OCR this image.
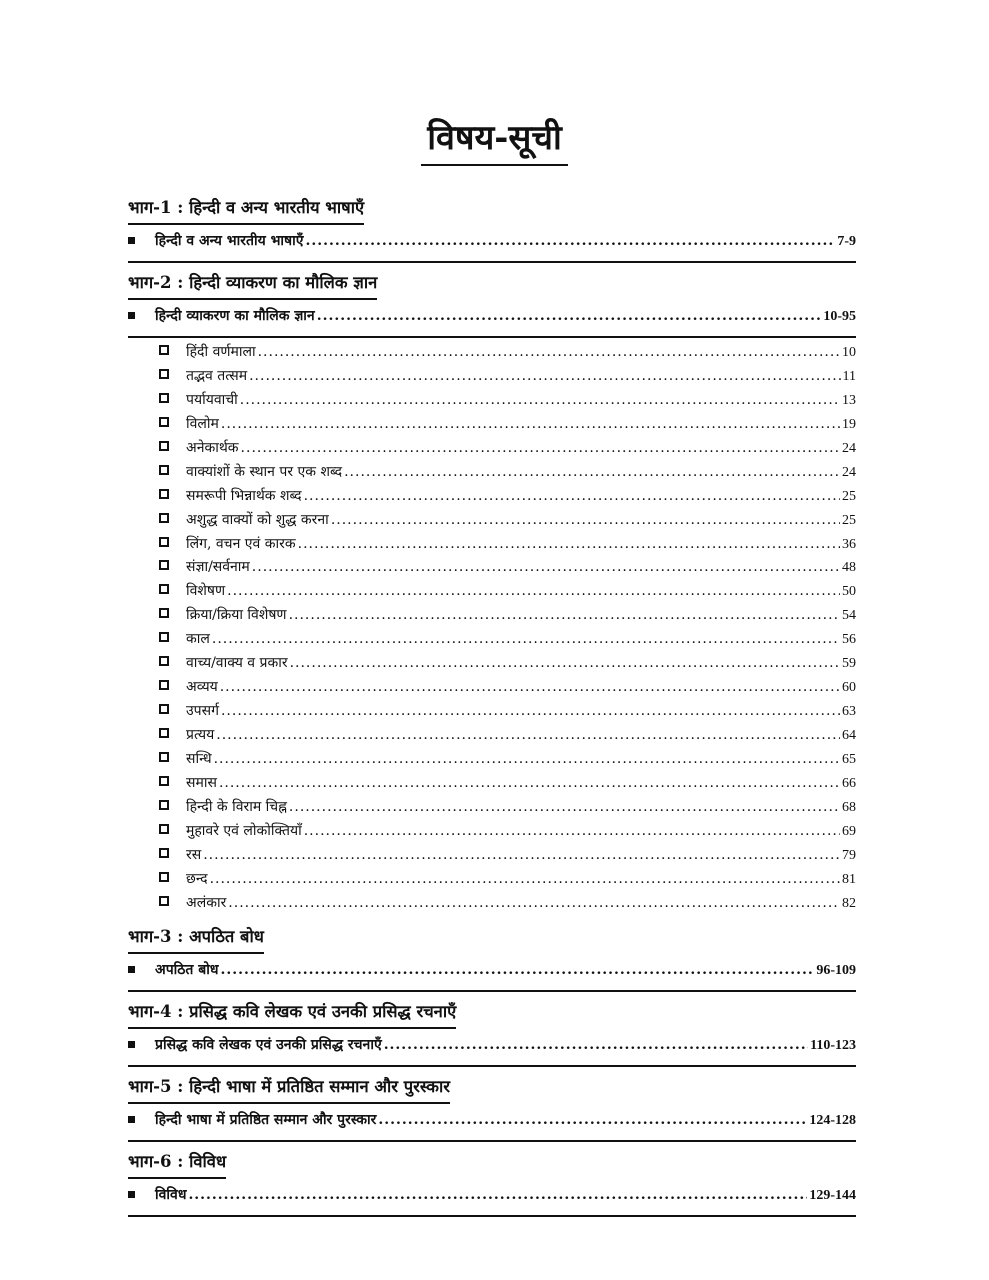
विषय-सूची
भाग-1 : हिन्दी व अन्य भारतीय भाषाएँ
हिन्दी व अन्य भारतीय भाषाएँ .....	7-9
भाग-2 : हिन्दी व्याकरण का मौलिक ज्ञान
हिन्दी व्याकरण का मौलिक ज्ञान .....	10-95
हिंदी वर्णमाला .....	10
तद्भव तत्सम .....	11
पर्यायवाची .....	13
विलोम .....	19
अनेकार्थक .....	24
वाक्यांशों के स्थान पर एक शब्द .....	24
समरूपी भिन्नार्थक शब्द .....	25
अशुद्ध वाक्यों को शुद्ध करना .....	25
लिंग, वचन एवं कारक .....	36
संज्ञा/सर्वनाम .....	48
विशेषण .....	50
क्रिया/क्रिया विशेषण .....	54
काल .....	56
वाच्य/वाक्य व प्रकार .....	59
अव्यय .....	60
उपसर्ग .....	63
प्रत्यय .....	64
सन्धि .....	65
समास .....	66
हिन्दी के विराम चिह्न .....	68
मुहावरे एवं लोकोक्तियाँ .....	69
रस .....	79
छन्द .....	81
अलंकार .....	82
भाग-3 : अपठित बोध
अपठित बोध .....	96-109
भाग-4 : प्रसिद्ध कवि लेखक एवं उनकी प्रसिद्ध रचनाएँ
प्रसिद्ध कवि लेखक एवं उनकी प्रसिद्ध रचनाएँ .....	110-123
भाग-5 : हिन्दी भाषा में प्रतिष्ठित सम्मान और पुरस्कार
हिन्दी भाषा में प्रतिष्ठित सम्मान और पुरस्कार .....	124-128
भाग-6 : विविध
विविध .....	129-144
